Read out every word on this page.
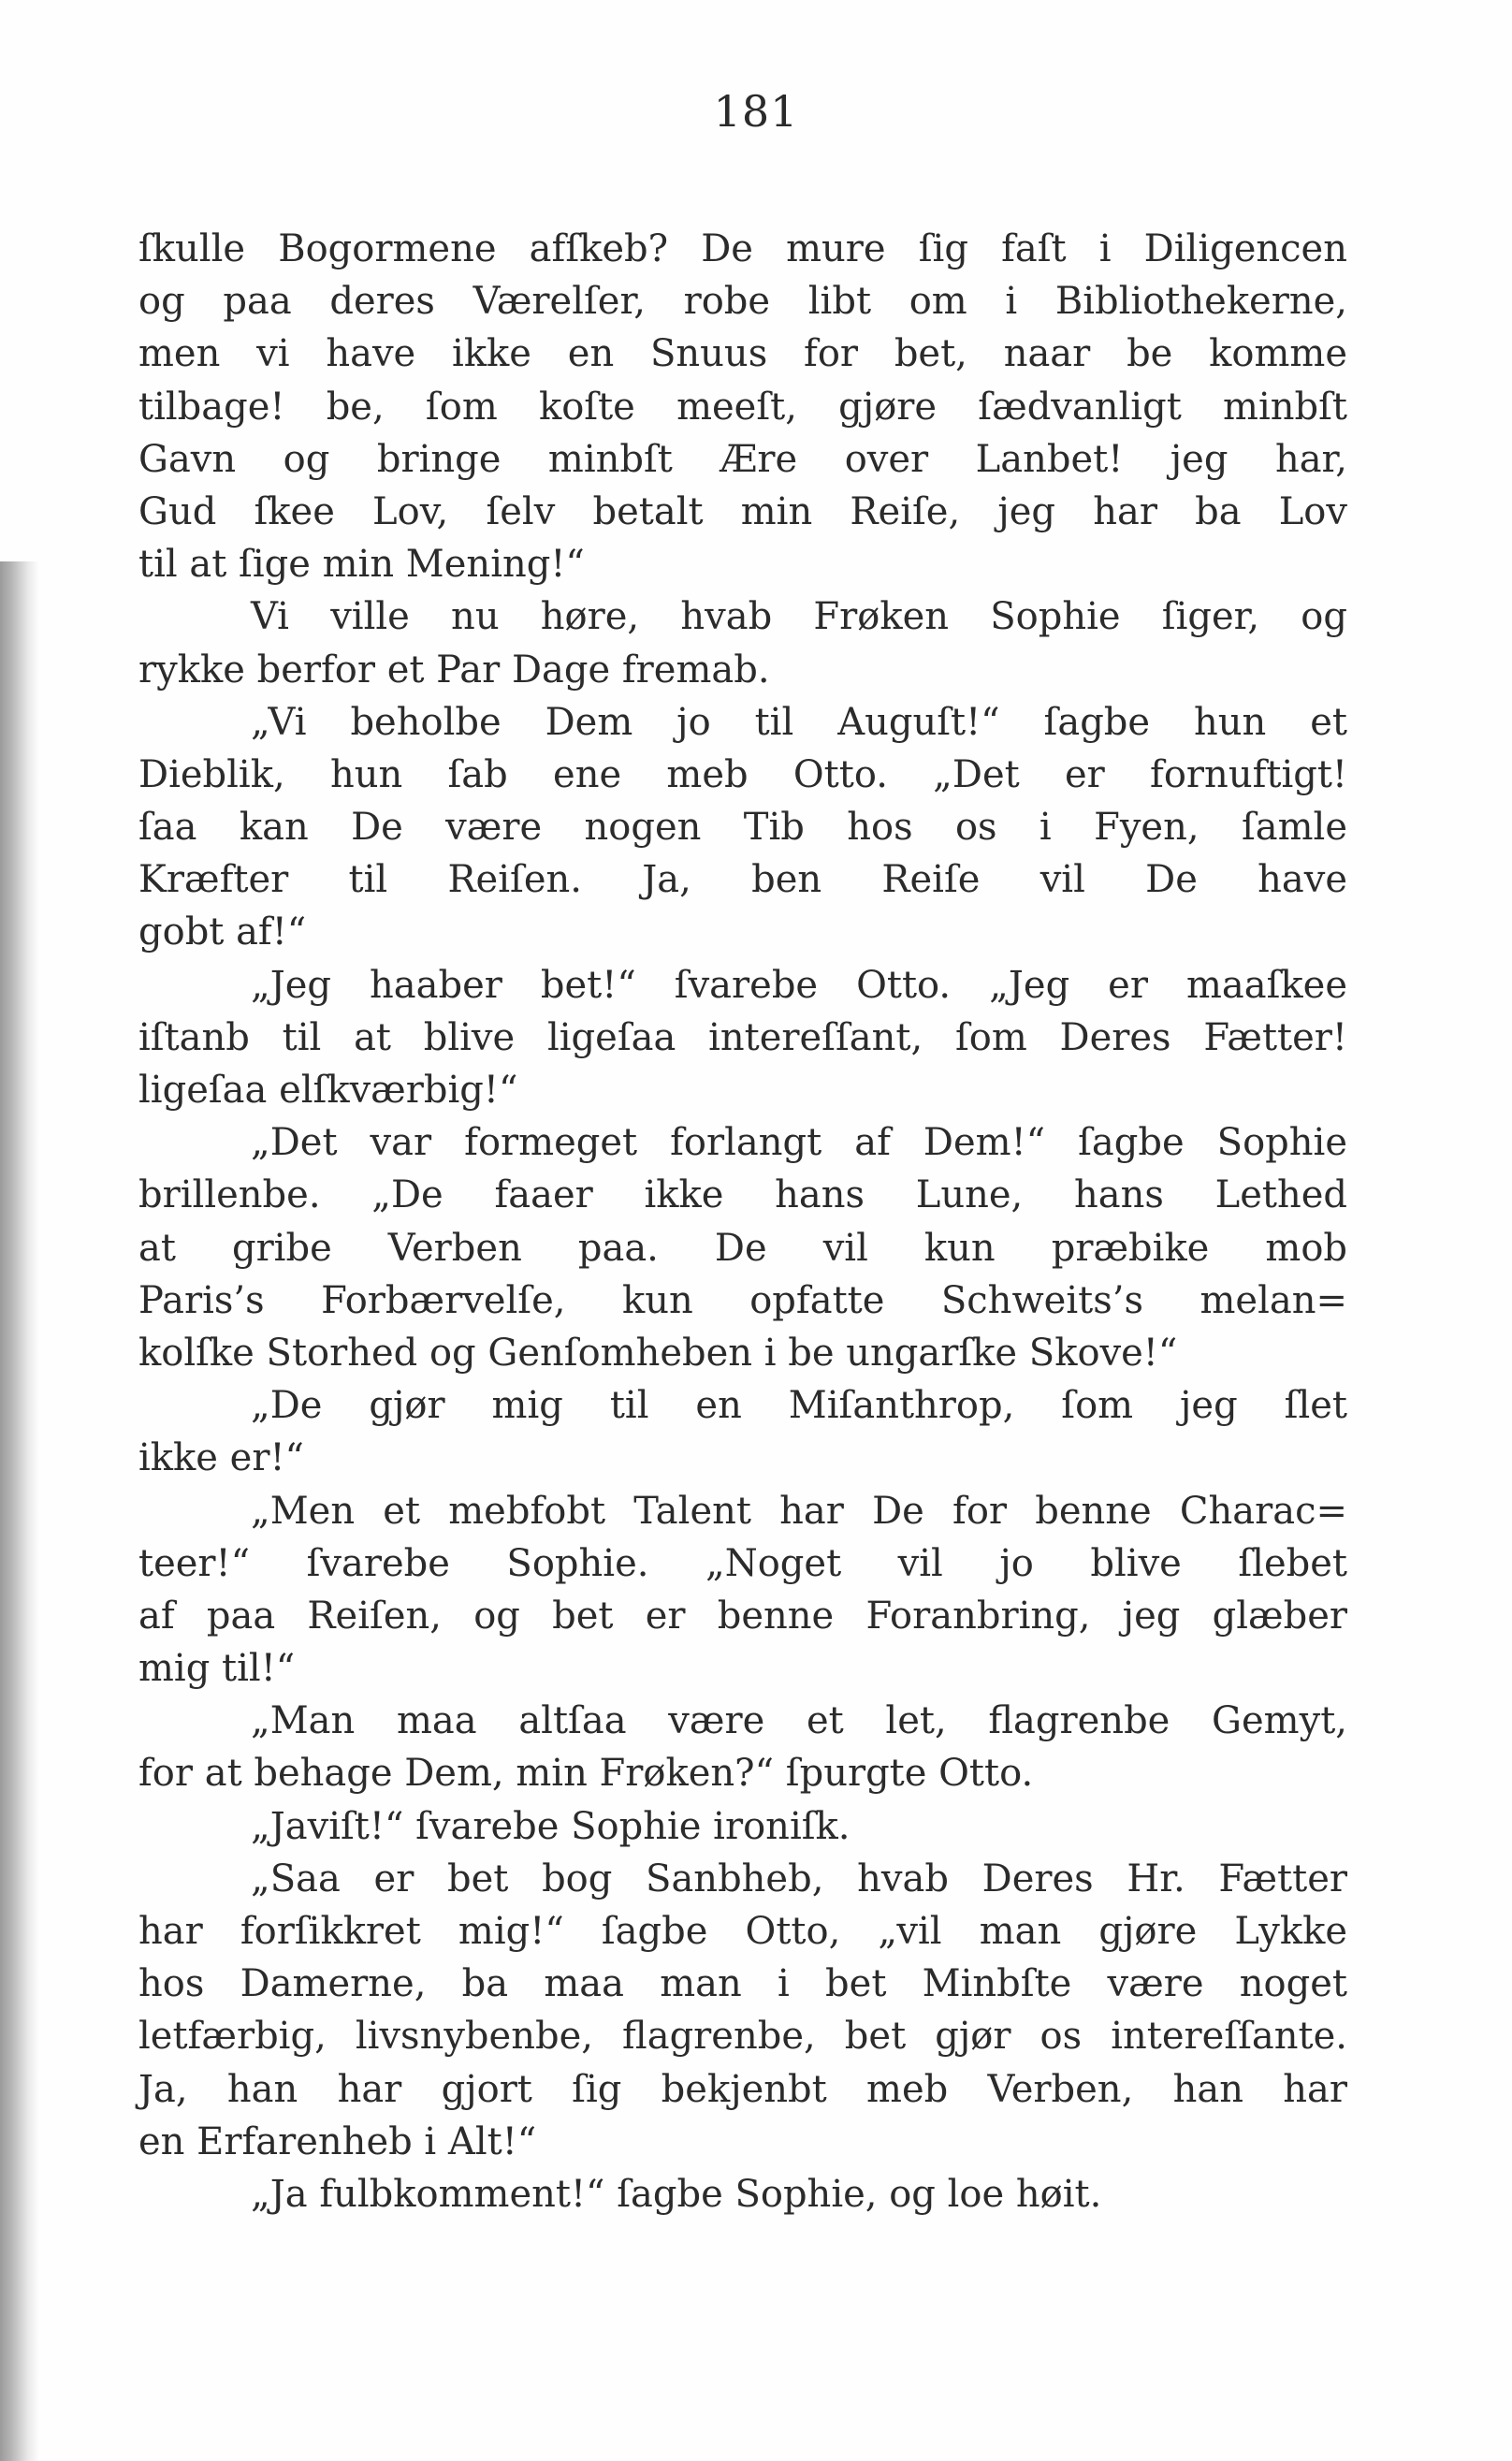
181
ſkulle Bogormene afſkeb? De mure ſig faſt i Diligencen
og paa deres Værelſer, robe libt om i Bibliothekerne,
men vi have ikke en Snuus for bet, naar be komme
tilbage! be, ſom koſte meeſt, gjøre ſædvanligt minbſt
Gavn og bringe minbſt Ære over Lanbet! jeg har,
Gud ſkee Lov, ſelv betalt min Reiſe, jeg har ba Lov
til at ſige min Mening!“
Vi ville nu høre, hvab Frøken Sophie ſiger, og
rykke berfor et Par Dage fremab.
„Vi beholbe Dem jo til Auguſt!“ ſagbe hun et
Dieblik, hun ſab ene meb Otto. „Det er fornuftigt!
ſaa kan De være nogen Tib hos os i Fyen, ſamle
Kræfter til Reiſen. Ja, ben Reiſe vil De have
gobt af!“
„Jeg haaber bet!“ ſvarebe Otto. „Jeg er maaſkee
iſtanb til at blive ligeſaa intereſſant, ſom Deres Fætter!
ligeſaa elſkværbig!“
„Det var formeget forlangt af Dem!“ ſagbe Sophie
brillenbe. „De faaer ikke hans Lune, hans Lethed
at gribe Verben paa. De vil kun præbike mob
Paris’s Forbærvelſe, kun opfatte Schweits’s melan=
kolſke Storhed og Genſomheben i be ungarſke Skove!“
„De gjør mig til en Miſanthrop, ſom jeg ſlet
ikke er!“
„Men et mebfobt Talent har De for benne Charac=
teer!“ ſvarebe Sophie. „Noget vil jo blive ſlebet
af paa Reiſen, og bet er benne Foranbring, jeg glæber
mig til!“
„Man maa altſaa være et let, flagrenbe Gemyt,
for at behage Dem, min Frøken?“ ſpurgte Otto.
„Javiſt!“ ſvarebe Sophie ironiſk.
„Saa er bet bog Sanbheb, hvab Deres Hr. Fætter
har forſikkret mig!“ ſagbe Otto, „vil man gjøre Lykke
hos Damerne, ba maa man i bet Minbſte være noget
letfærbig, livsnybenbe, flagrenbe, bet gjør os intereſſante.
Ja, han har gjort ſig bekjenbt meb Verben, han har
en Erfarenheb i Alt!“
„Ja fulbkomment!“ ſagbe Sophie, og loe høit.
